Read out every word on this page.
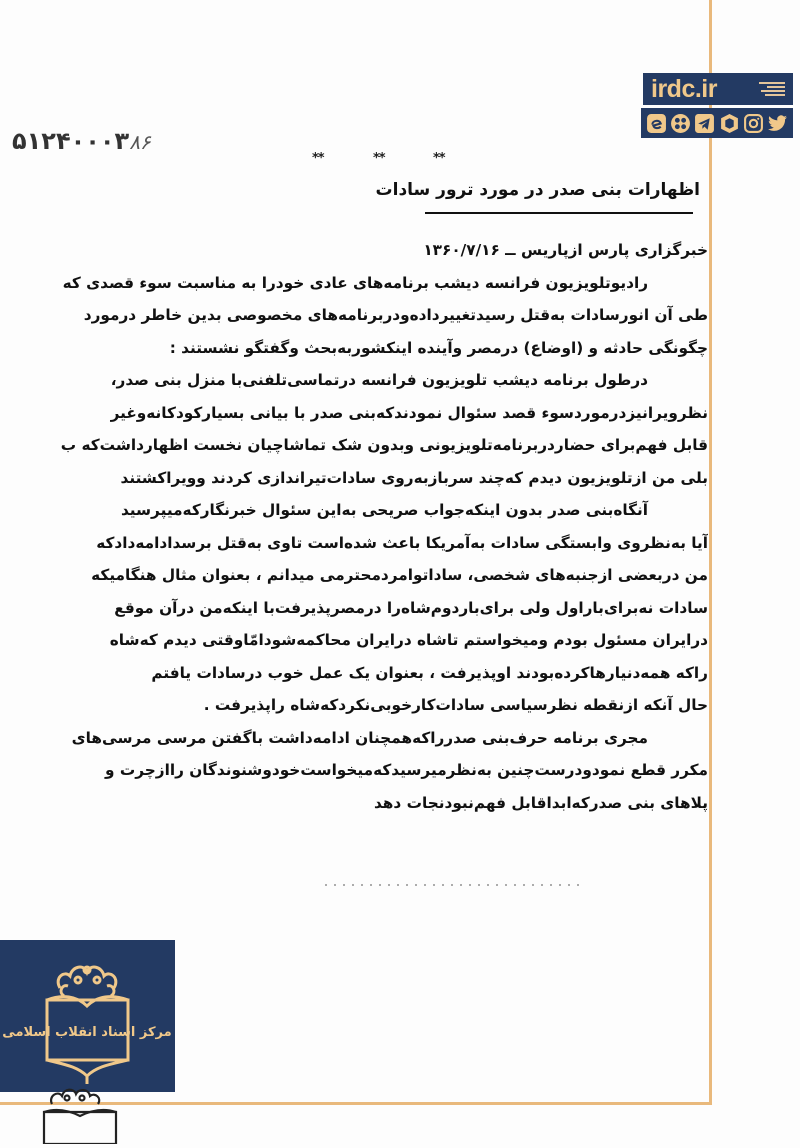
irdc.ir
۵۱۲۴۰۰۰۳۸۶
**	**	**
اظهارات بنی صدر در مورد ترور سادات
خبرگزاری پارس ازپاریس ــ ۱۳۶۰/۷/۱۶
رادیوتلویزیون فرانسه دیشب برنامه‌های عادی خودرا به مناسبت سوء قصدی که
طی آن انورسادات به‌قتل رسیدتغییرداده‌ودربرنامه‌های مخصوصی بدین خاطر درمورد
چگونگی حادثه و (اوضاع) درمصر وآینده اینکشوربه‌بحث وگفتگو نشستند :
درطول برنامه دیشب تلویزیون فرانسه درتماسی‌تلفنی‌با منزل بنی صدر،
نظرویرانیزدرموردسوء قصد سئوال نمودندکه‌بنی صدر با بیانی بسیارکودکانه‌وغیر
قابل فهم‌برای حضاردربرنامه‌تلویزیونی وبدون شک تماشاچیان نخست اظهارداشت‌که ب
بلی من ازتلویزیون دیدم که‌چند سربازبه‌روی سادات‌تیراندازی کردند وویراکشتند
آنگاه‌بنی صدر بدون اینکه‌جواب صریحی به‌این سئوال خبرنگارکه‌میپرسید
آیا به‌نظروی وابستگی سادات به‌آمریکا باعث شده‌است تاوی به‌قتل برسدادامه‌دادکه
من دربعضی ازجنبه‌های شخصی، ساداتوامردمحترمی میدانم ، بعنوان مثال هنگامیکه
سادات نه‌برای‌باراول ولی برای‌باردوم‌شاه‌را درمصرپذیرفت‌با اینکه‌من درآن موقع
درایران مسئول بودم ومیخواستم تاشاه درایران محاکمه‌شودامّاوقتی دیدم که‌شاه
راکه همه‌دنیارهاکرده‌بودند اوپذیرفت ، بعنوان یک عمل خوب درسادات یافتم
حال آنکه ازنقطه نظرسیاسی سادات‌کارخوبی‌نکردکه‌شاه راپذیرفت .
مجری برنامه حرف‌بنی صدرراکه‌همچنان ادامه‌داشت باگفتن مرسی مرسی‌های
مکرر قطع نمودودرست‌چنین به‌نظرمیرسیدکه‌میخواست‌خودوشنوندگان راازچرت و
پلاهای بنی صدرکه‌ابداقابل فهم‌نبودنجات دهد
مرکز اسناد انقلاب اسلامی
